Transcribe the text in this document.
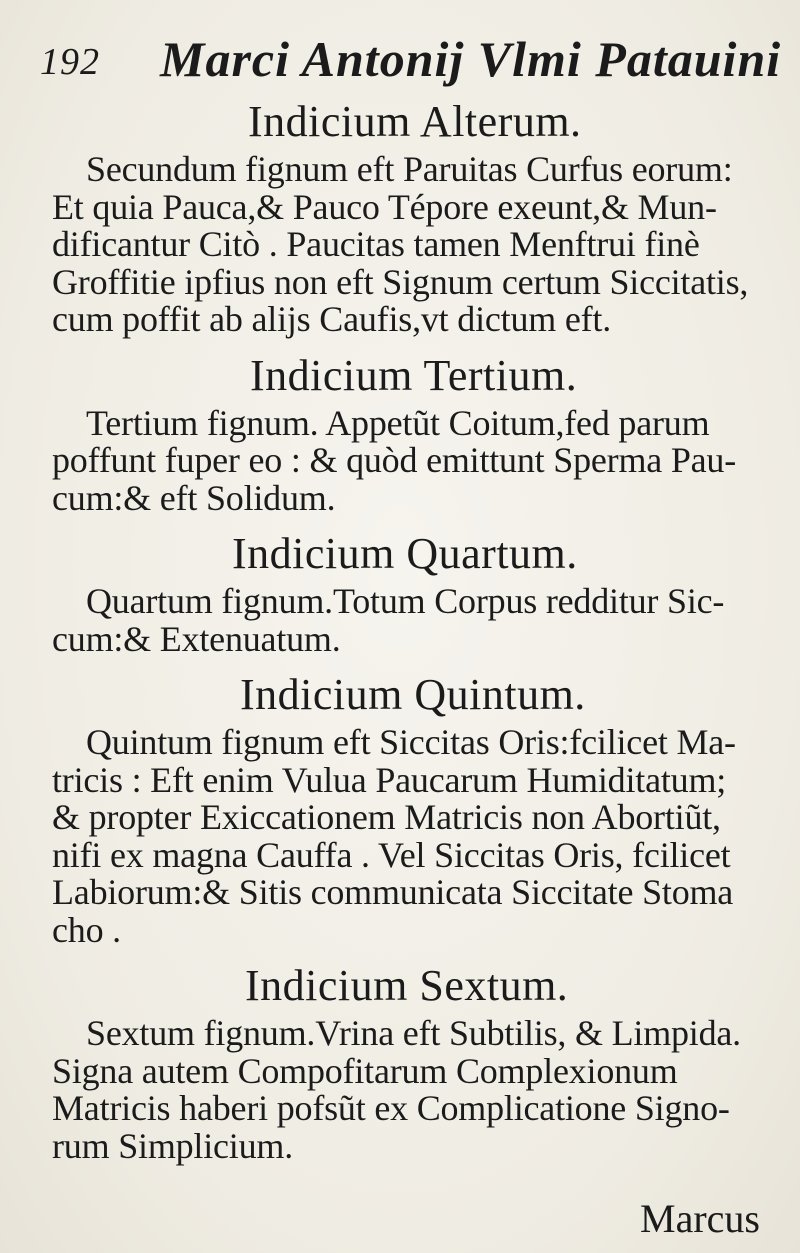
192 Marci Antonij Vlmi Patauini
Indicium Alterum.
Secundum fignum eft Paruitas Curfus eorum:
Et quia Pauca,& Pauco Tépore exeunt,& Mun-
dificantur Citò . Paucitas tamen Menftrui finè
Groffitie ipfius non eft Signum certum Siccitatis,
cum poffit ab alijs Caufis,vt dictum eft.
Indicium Tertium.
Tertium fignum. Appetũt Coitum,fed parum
poffunt fuper eo : & quòd emittunt Sperma Pau-
cum:& eft Solidum.
Indicium Quartum.
Quartum fignum.Totum Corpus redditur Sic-
cum:& Extenuatum.
Indicium Quintum.
Quintum fignum eft Siccitas Oris:fcilicet Ma-
tricis : Eft enim Vulua Paucarum Humiditatum;
& propter Exiccationem Matricis non Abortiũt,
nifi ex magna Cauffa . Vel Siccitas Oris, fcilicet
Labiorum:& Sitis communicata Siccitate Stoma
cho .
Indicium Sextum.
Sextum fignum.Vrina eft Subtilis, & Limpida.
Signa autem Compofitarum Complexionum
Matricis haberi pofsũt ex Complicatione Signo-
rum Simplicium.
Marcus
